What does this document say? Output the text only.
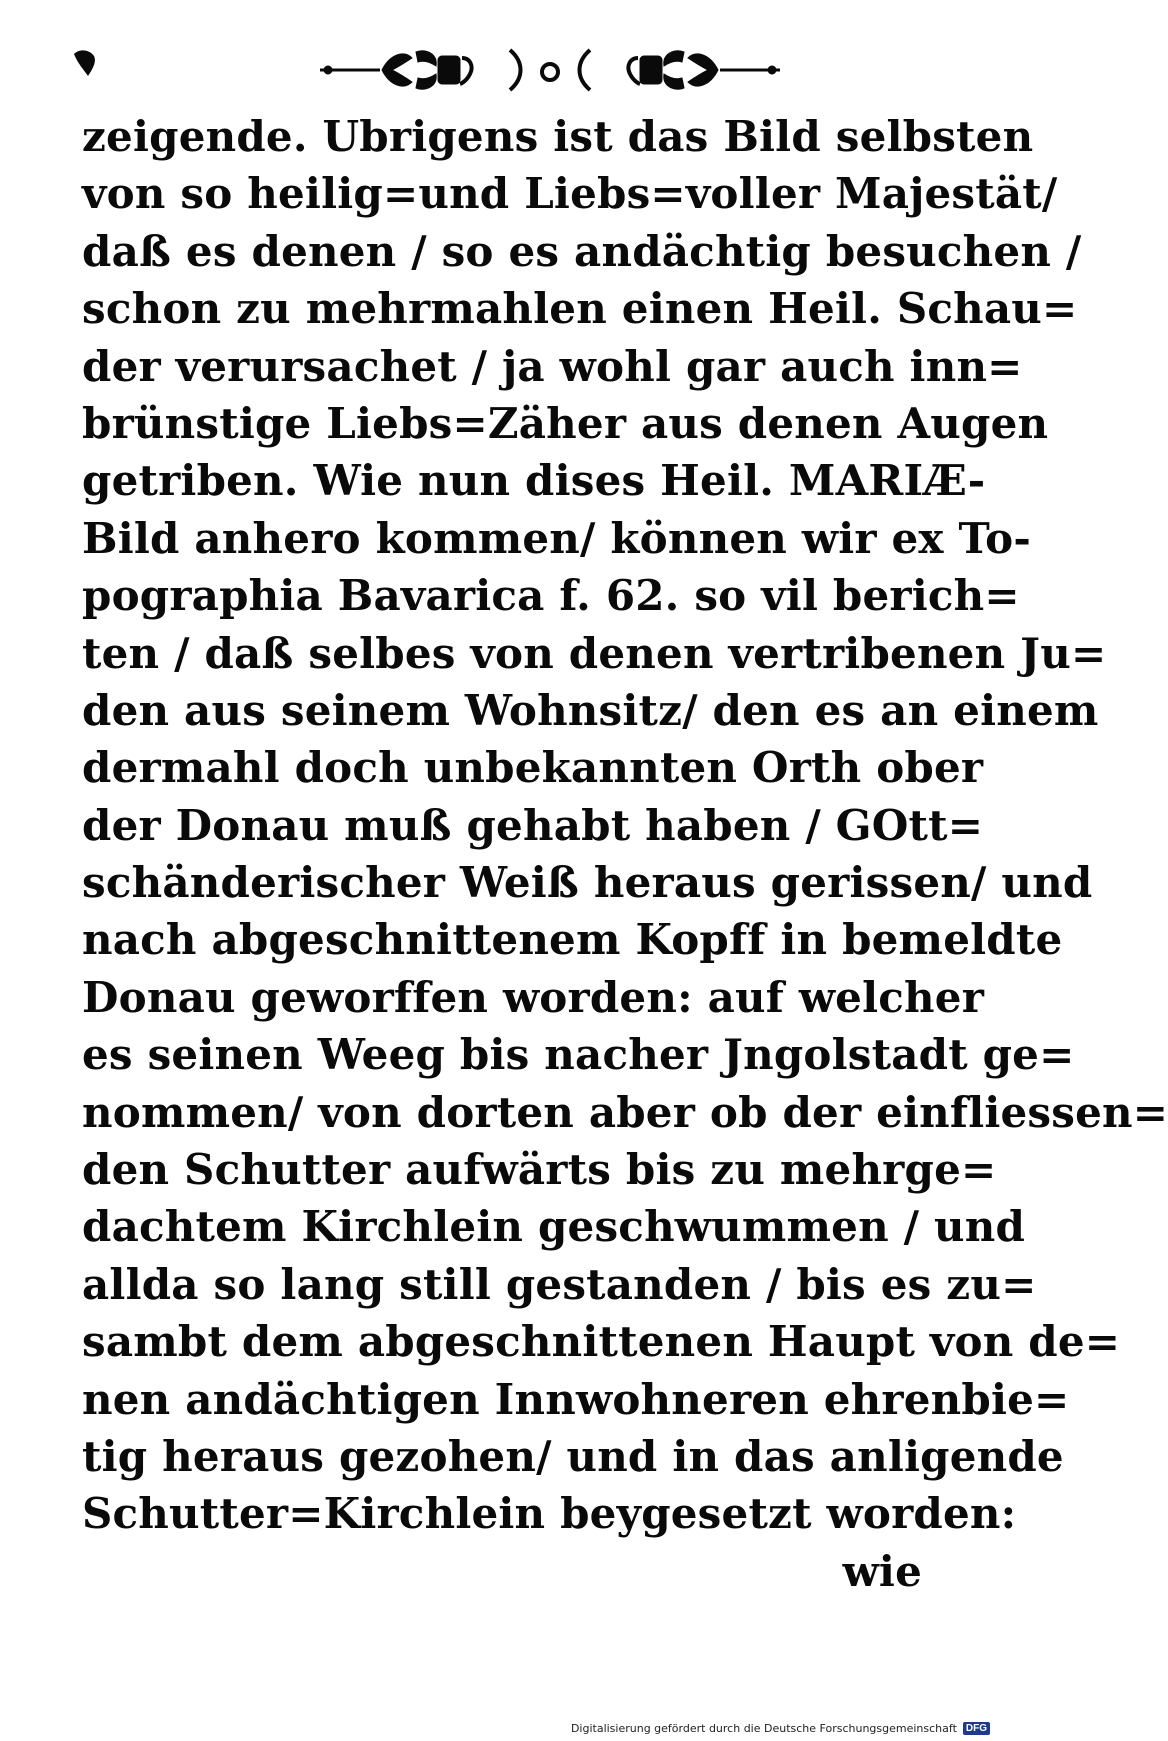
zeigende. Ubrigens ist das Bild selbsten
von so heilig=und Liebs=voller Majestät/
daß es denen / so es andächtig besuchen /
schon zu mehrmahlen einen Heil. Schau=
der verursachet / ja wohl gar auch inn=
brünstige Liebs=Zäher aus denen Augen
getriben. Wie nun dises Heil. MARIÆ-
Bild anhero kommen/ können wir ex To-
pographia Bavarica f. 62. so vil berich=
ten / daß selbes von denen vertribenen Ju=
den aus seinem Wohnsitz/ den es an einem
dermahl doch unbekannten Orth ober
der Donau muß gehabt haben / GOtt=
schänderischer Weiß heraus gerissen/ und
nach abgeschnittenem Kopff in bemeldte
Donau geworffen worden: auf welcher
es seinen Weeg bis nacher Jngolstadt ge=
nommen/ von dorten aber ob der einfliessen=
den Schutter aufwärts bis zu mehrge=
dachtem Kirchlein geschwummen / und
allda so lang still gestanden / bis es zu=
sambt dem abgeschnittenen Haupt von de=
nen andächtigen Innwohneren ehrenbie=
tig heraus gezohen/ und in das anligende
Schutter=Kirchlein beygesetzt worden:
wie
Digitalisierung gefördert durch die Deutsche Forschungsgemeinschaft DFG
